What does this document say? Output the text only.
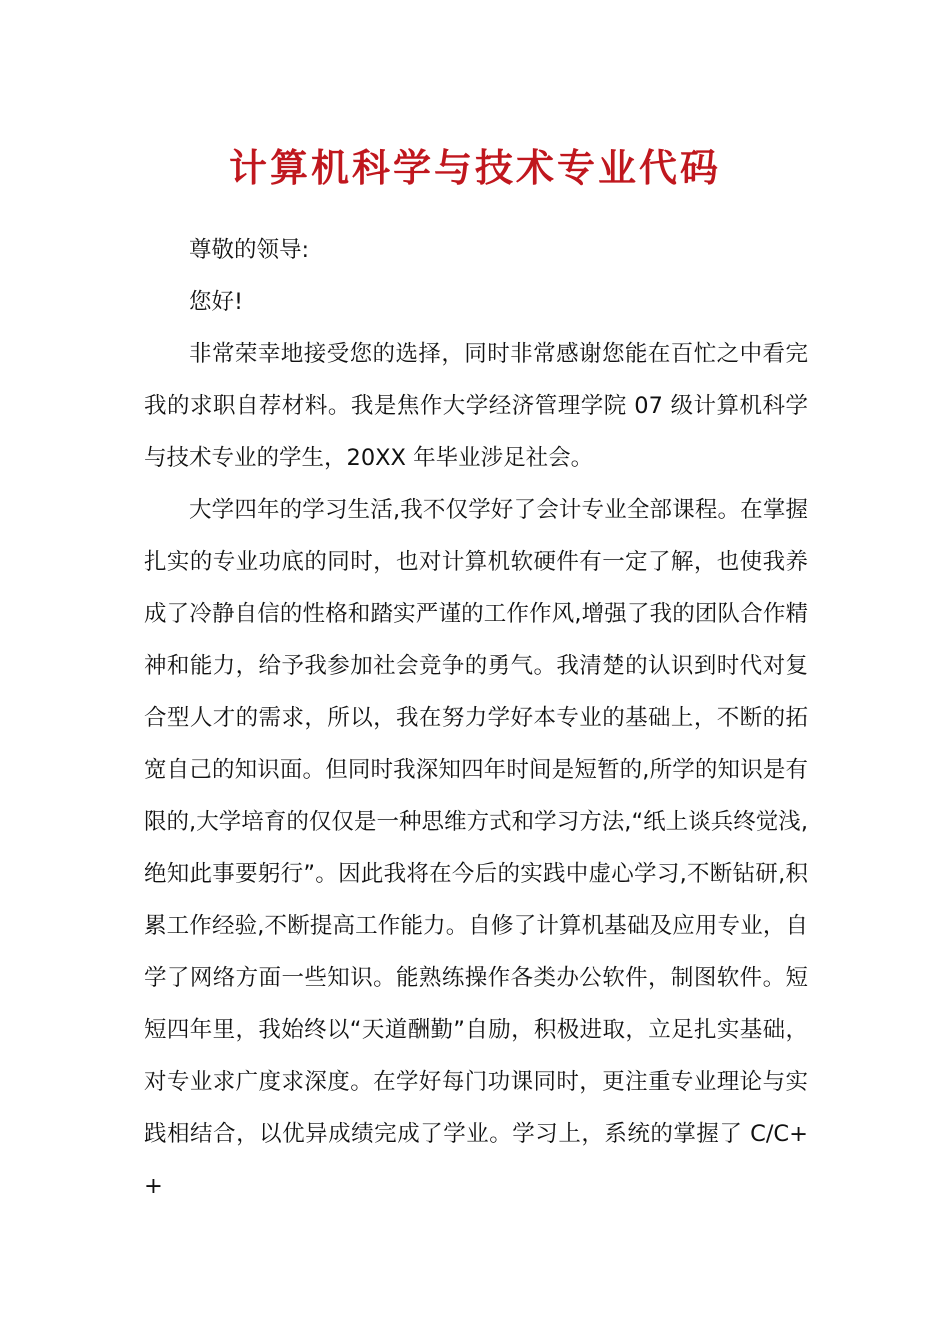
计算机科学与技术专业代码

尊敬的领导:

您好!

非常荣幸地接受您的选择，同时非常感谢您能在百忙之中看完我的求职自荐材料。我是焦作大学经济管理学院 07 级计算机科学与技术专业的学生，20XX 年毕业涉足社会。

大学四年的学习生活,我不仅学好了会计专业全部课程。在掌握扎实的专业功底的同时，也对计算机软硬件有一定了解，也使我养成了冷静自信的性格和踏实严谨的工作作风,增强了我的团队合作精神和能力，给予我参加社会竞争的勇气。我清楚的认识到时代对复合型人才的需求，所以，我在努力学好本专业的基础上，不断的拓宽自己的知识面。但同时我深知四年时间是短暂的,所学的知识是有限的,大学培育的仅仅是一种思维方式和学习方法,“纸上谈兵终觉浅,绝知此事要躬行”。因此我将在今后的实践中虚心学习,不断钻研,积累工作经验,不断提高工作能力。自修了计算机基础及应用专业，自学了网络方面一些知识。能熟练操作各类办公软件，制图软件。短短四年里，我始终以“天道酬勤”自励，积极进取，立足扎实基础，对专业求广度求深度。在学好每门功课同时，更注重专业理论与实践相结合，以优异成绩完成了学业。学习上，系统的掌握了 C/C++
